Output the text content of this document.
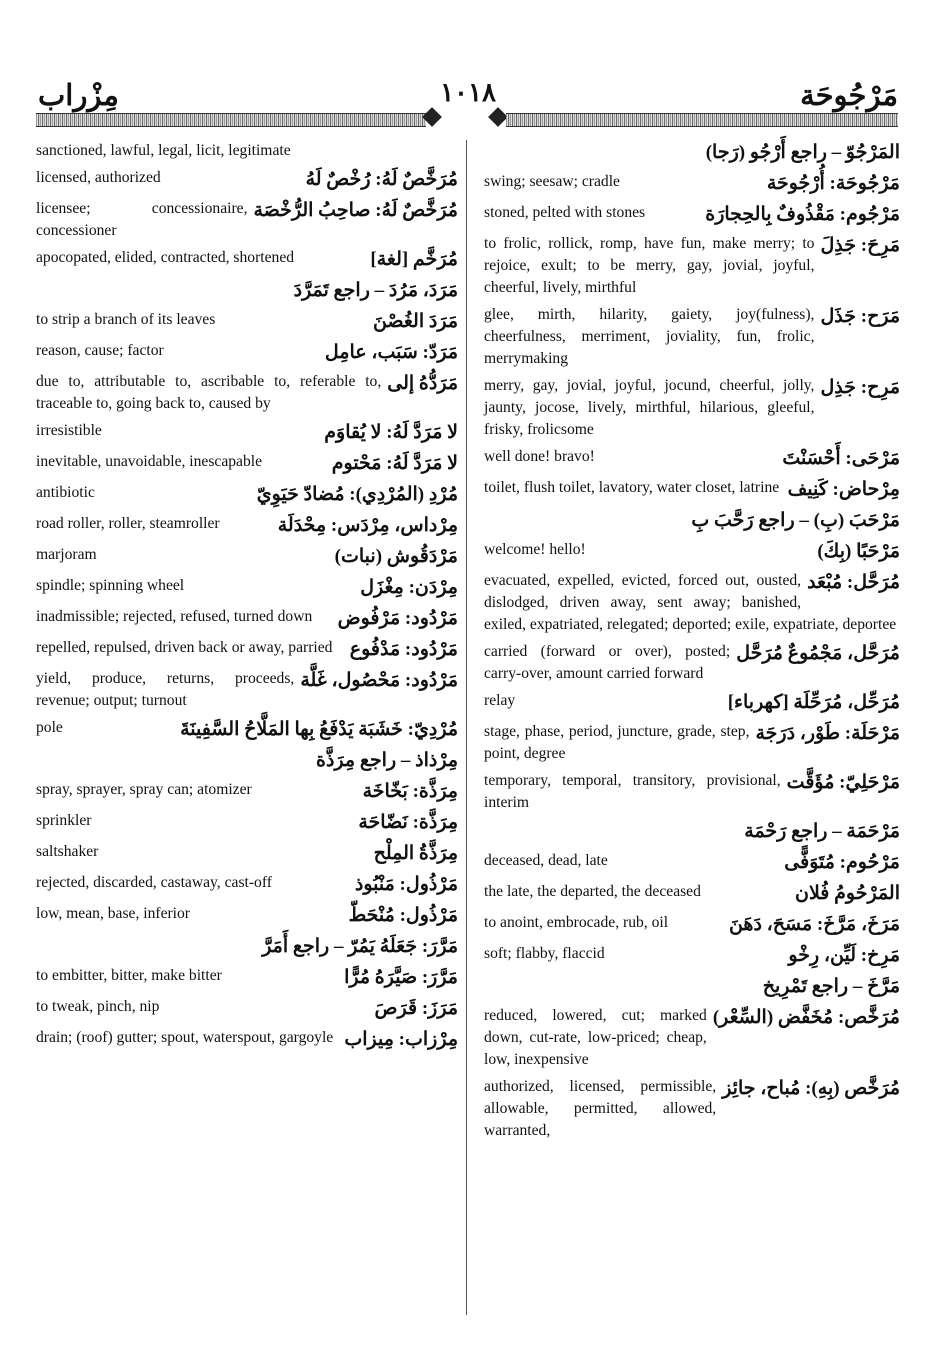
مَرْجُوحَة
١٠١٨
مِزْراب
sanctioned, lawful, legal, licit, legitimate
مُرَخَّصٌ لَهُ: رُخْصٌ لَهُ
licensed, authorized
مُرَخَّصٌ لَهُ: صاحِبُ الرُّخْصَة
licensee; concessionaire, concessioner
مُرَخَّم [لغة]
apocopated, elided, contracted, shortened
مَرَدَ، مَرُدَ – راجع تَمَرَّدَ
مَرَدَ الغُصْنَ
to strip a branch of its leaves
مَرَدّ: سَبَب، عامِل
reason, cause; factor
مَرَدُّهُ إلى
due to, attributable to, ascribable to, referable to, traceable to, going back to, caused by
لا مَرَدَّ لَهُ: لا يُقاوَم
irresistible
لا مَرَدَّ لَهُ: مَحْتوم
inevitable, unavoidable, inescapable
مُرْدِ (المُرْدِي): مُضادّ حَيَوِيّ
antibiotic
مِرْداس، مِرْدَس: مِحْدَلَة
road roller, roller, steamroller
مَرْدَقُوش (نبات)
marjoram
مِرْدَن: مِغْزَل
spindle; spinning wheel
مَرْدُود: مَرْفُوض
inadmissible; rejected, refused, turned down
مَرْدُود: مَدْفُوع
repelled, repulsed, driven back or away, parried
مَرْدُود: مَحْصُول، غَلَّة
yield, produce, returns, proceeds, revenue; output; turnout
مُرْدِيّ: خَشَبَة يَدْفَعُ بِها المَلَّاحُ السَّفِينَةَ
pole
مِرْذاذ – راجع مِرَذَّة
مِرَذَّة: بَخّاخَة
spray, sprayer, spray can; atomizer
مِرَذَّة: نَضّاحَة
sprinkler
مِرَذَّةُ المِلْح
saltshaker
مَرْذُول: مَنْبُوذ
rejected, discarded, castaway, cast-off
مَرْذُول: مُنْحَطّ
low, mean, base, inferior
مَرَّرَ: جَعَلَهُ يَمُرّ – راجع أَمَرَّ
مَرَّرَ: صَيَّرَهُ مُرًّا
to embitter, bitter, make bitter
مَرَزَ: قَرَصَ
to tweak, pinch, nip
مِرْزاب: مِيزاب
drain; (roof) gutter; spout, waterspout, gargoyle
المَرْجُوّ – راجع أَرْجُو (رَجا)
مَرْجُوحَة: أُرْجُوحَة
swing; seesaw; cradle
مَرْجُوم: مَقْذُوفٌ بِالحِجارَة
stoned, pelted with stones
مَرِحَ: جَذِلَ
to frolic, rollick, romp, have fun, make merry; to rejoice, exult; to be merry, gay, jovial, joyful, cheerful, lively, mirthful
مَرَح: جَذَل
glee, mirth, hilarity, gaiety, joy(fulness), cheerfulness, merriment, joviality, fun, frolic, merrymaking
مَرِح: جَذِل
merry, gay, jovial, joyful, jocund, cheerful, jolly, jaunty, jocose, lively, mirthful, hilarious, gleeful, frisky, frolicsome
مَرْحَى: أَحْسَنْتَ
well done! bravo!
مِرْحاض: كَنِيف
toilet, flush toilet, lavatory, water closet, latrine
مَرْحَبَ (بِ) – راجع رَحَّبَ بِ
مَرْحَبًا (بِكَ)
welcome! hello!
مُرَحَّل: مُبْعَد
evacuated, expelled, evicted, forced out, ousted, dislodged, driven away, sent away; banished, exiled, expatriated, relegated; deported; exile, expatriate, deportee
مُرَحَّل، مَجْمُوعٌ مُرَحَّل
carried (forward or over), posted; carry-over, amount carried forward
مُرَحِّل، مُرَحِّلَة [كهرباء]
relay
مَرْحَلَة: طَوْر، دَرَجَة
stage, phase, period, juncture, grade, step, point, degree
مَرْحَلِيّ: مُؤَقَّت
temporary, temporal, transitory, provisional, interim
مَرْحَمَة – راجع رَحْمَة
مَرْحُوم: مُتَوَفًّى
deceased, dead, late
المَرْحُومُ فُلان
the late, the departed, the deceased
مَرَخَ، مَرَّخَ: مَسَحَ، دَهَنَ
to anoint, embrocade, rub, oil
مَرِخ: لَيِّن، رِخْو
soft; flabby, flaccid
مَرَّخَ – راجع تَمْرِيخ
مُرَخَّص: مُخَفَّض (السِّعْر)
reduced, lowered, cut; marked down, cut-rate, low-priced; cheap, low, inexpensive
مُرَخَّص (بِهِ): مُباح، جائِز
authorized, licensed, permissible, allowable, permitted, allowed, warranted,
